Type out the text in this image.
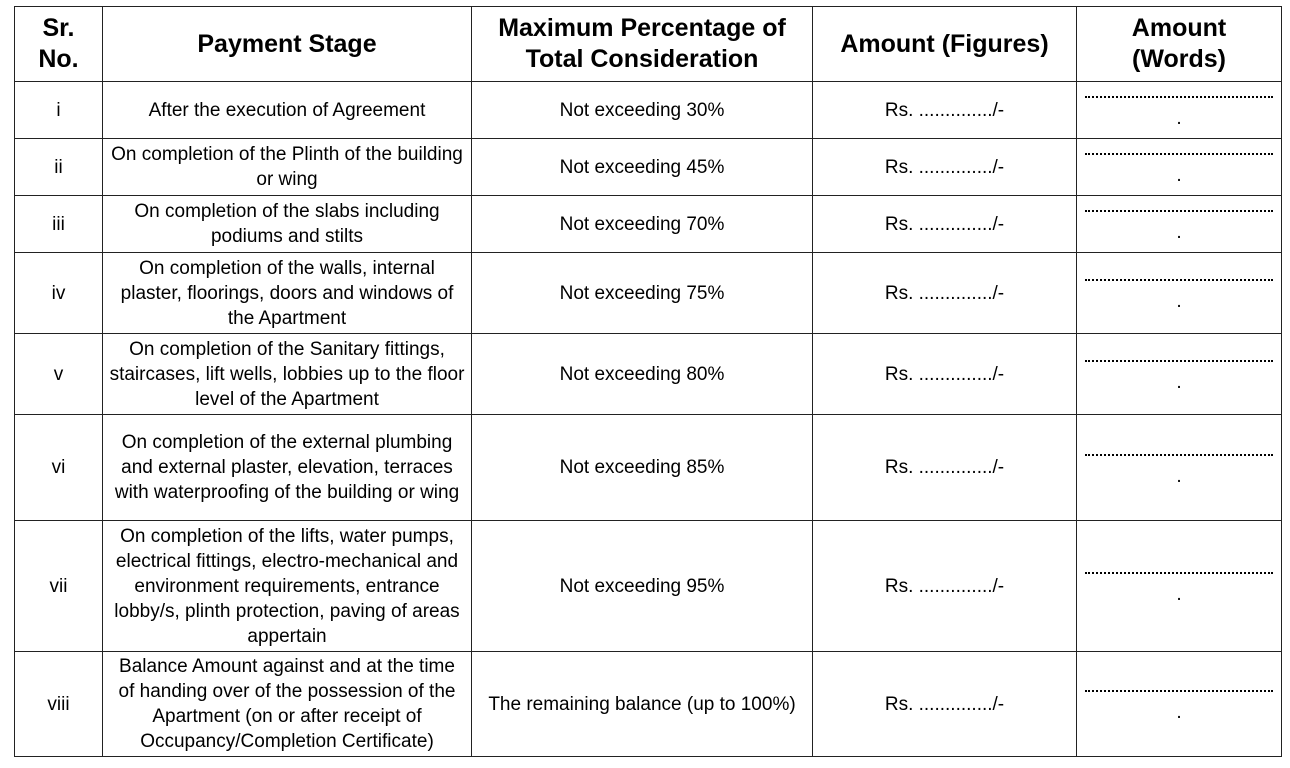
Sr. No.	Payment Stage	Maximum Percentage of Total Consideration	Amount (Figures)	Amount (Words)
i	After the execution of Agreement	Not exceeding 30%	Rs. ............../-	.

ii	On completion of the Plinth of the building or wing	Not exceeding 45%	Rs. ............../-	.

iii	On completion of the slabs including podiums and stilts	Not exceeding 70%	Rs. ............../-	.

iv	On completion of the walls, internal plaster, floorings, doors and windows of the Apartment	Not exceeding 75%	Rs. ............../-	.

v	On completion of the Sanitary fittings, staircases, lift wells, lobbies up to the floor level of the Apartment	Not exceeding 80%	Rs. ............../-	.

vi	On completion of the external plumbing and external plaster, elevation, terraces with waterproofing of the building or wing	Not exceeding 85%	Rs. ............../-	.

vii	On completion of the lifts, water pumps, electrical fittings, electro-mechanical and environment requirements, entrance lobby/s, plinth protection, paving of areas appertain	Not exceeding 95%	Rs. ............../-	.

viii	Balance Amount against and at the time of handing over of the possession of the Apartment (on or after receipt of Occupancy/Completion Certificate)	The remaining balance (up to 100%)	Rs. ............../-	.
